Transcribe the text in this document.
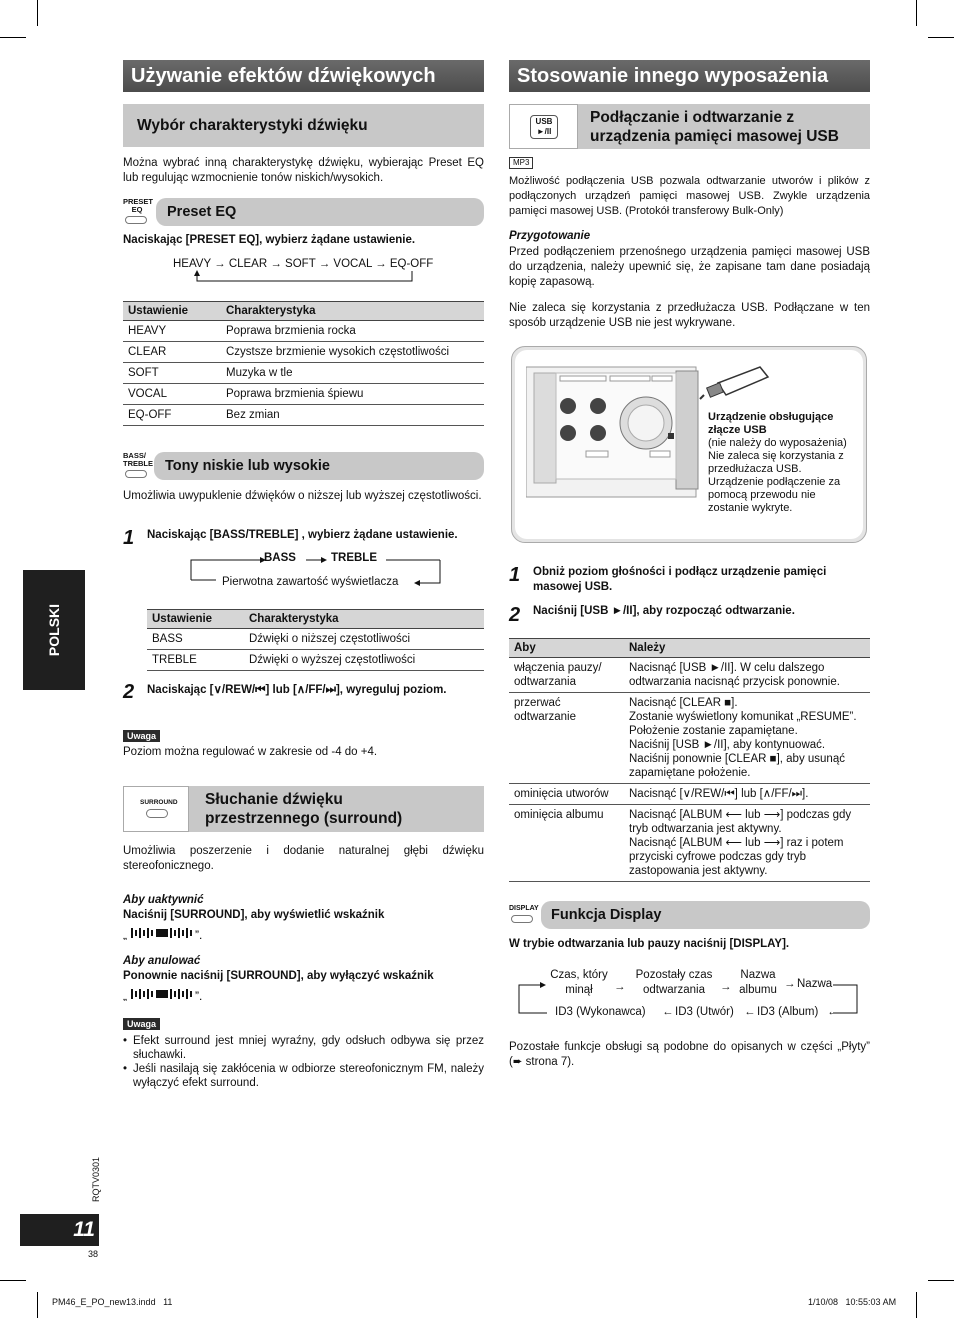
Używanie efektów dźwiękowych
Wybór charakterystyki dźwięku
Można wybrać inną charakterystykę dźwięku, wybierając Preset EQ lub regulując wzmocnienie tonów niskich/wysokich.
PRESET EQ	Preset EQ
Naciskając [PRESET EQ], wybierz żądane ustawienie.
HEAVY → CLEAR → SOFT → VOCAL → EQ-OFF
Ustawienie	Charakterystyka
HEAVY	Poprawa brzmienia rocka
CLEAR	Czystsze brzmienie wysokich częstotliwości
SOFT	Muzyka w tle
VOCAL	Poprawa brzmienia śpiewu
EQ-OFF	Bez zmian
BASS/ TREBLE Tony niskie lub wysokie
Umożliwia uwypuklenie dźwięków o niższej lub wyższej częstotliwości.
1 Naciskając [BASS/TREBLE] , wybierz żądane ustawienie.
BASS	TREBLE
Pierwotna zawartość wyświetlacza
Ustawienie	Charakterystyka
BASS	Dźwięki o niższej częstotliwości
TREBLE	Dźwięki o wyższej częstotliwości
2 Naciskając [∨/REW/⏮] lub [∧/FF/⏭], wyreguluj poziom.
Uwaga
Poziom można regulować w zakresie od -4 do +4.
SURROUND Słuchanie dźwięku
przestrzennego (surround)
Umożliwia poszerzenie i dodanie naturalnej głębi dźwięku stereofonicznego.
Aby uaktywnić
Naciśnij [SURROUND], aby wyświetlić wskaźnik
„	”.
Aby anulować
Ponownie naciśnij [SURROUND], aby wyłączyć wskaźnik
„	”.
Uwaga
• Efekt surround jest mniej wyraźny, gdy odsłuch odbywa się przez słuchawki.
• Jeśli nasilają się zakłócenia w odbiorze stereofonicznym FM, należy wyłączyć efekt surround.
Stosowanie innego wyposażenia
USB ►/II
Podłączanie i odtwarzanie z
urządzenia pamięci masowej USB
MP3
Możliwość podłączenia USB pozwala odtwarzanie utworów i plików z podłączonych urządzeń pamięci masowej USB. Zwykle urządzenia pamięci masowej USB. (Protokół transferowy Bulk-Only)
Przygotowanie
Przed podłączeniem przenośnego urządzenia pamięci masowej USB do urządzenia, należy upewnić się, że zapisane tam dane posiadają kopię zapasową.
Nie zaleca się korzystania z przedłużacza USB. Podłączane w ten sposób urządzenie USB nie jest wykrywane.
Urządzenie obsługujące złącze USB
(nie należy do wyposażenia)
Nie zaleca się korzystania z przedłużacza USB. Urządzenie podłączenie za pomocą przewodu nie zostanie wykryte.
1 Obniż poziom głośności i podłącz urządzenie pamięci masowej USB.
2 Naciśnij [USB ►/II], aby rozpocząć odtwarzanie.
Aby	Należy
włączenia pauzy/ odtwarzania	Nacisnąć [USB ►/II]. W celu dalszego odtwarzania nacisnąć przycisk ponownie.
przerwać odtwarzanie	Nacisnąć [CLEAR ■].
Zostanie wyświetlony komunikat „RESUME”. Położenie zostanie zapamiętane.
Naciśnij [USB ►/II], aby kontynuować.
Naciśnij ponownie [CLEAR ■], aby usunąć zapamiętane położenie.
ominięcia utworów	Nacisnąć [∨/REW/⏮] lub [∧/FF/⏭].
ominięcia albumu	Nacisnąć [ALBUM ⟵ lub ⟶] podczas gdy tryb odtwarzania jest aktywny.
Nacisnąć [ALBUM ⟵ lub ⟶] raz i potem przyciski cyfrowe podczas gdy tryb zastopowania jest aktywny.
DISPLAY Funkcja Display
W trybie odtwarzania lub pauzy naciśnij [DISPLAY].
Czas, który minął	→
Pozostały czas odtwarzania	→
Nazwa albumu → Nazwa
ID3 (Wykonawca) ← ID3 (Utwór) ← ID3 (Album) ←
Pozostałe funkcje obsługi są podobne do opisanych w części „Płyty” (➨ strona 7).
POLSKI
RQTV0301
11
38
PM46_E_PO_new13.indd   11	1/10/08   10:55:03 AM
